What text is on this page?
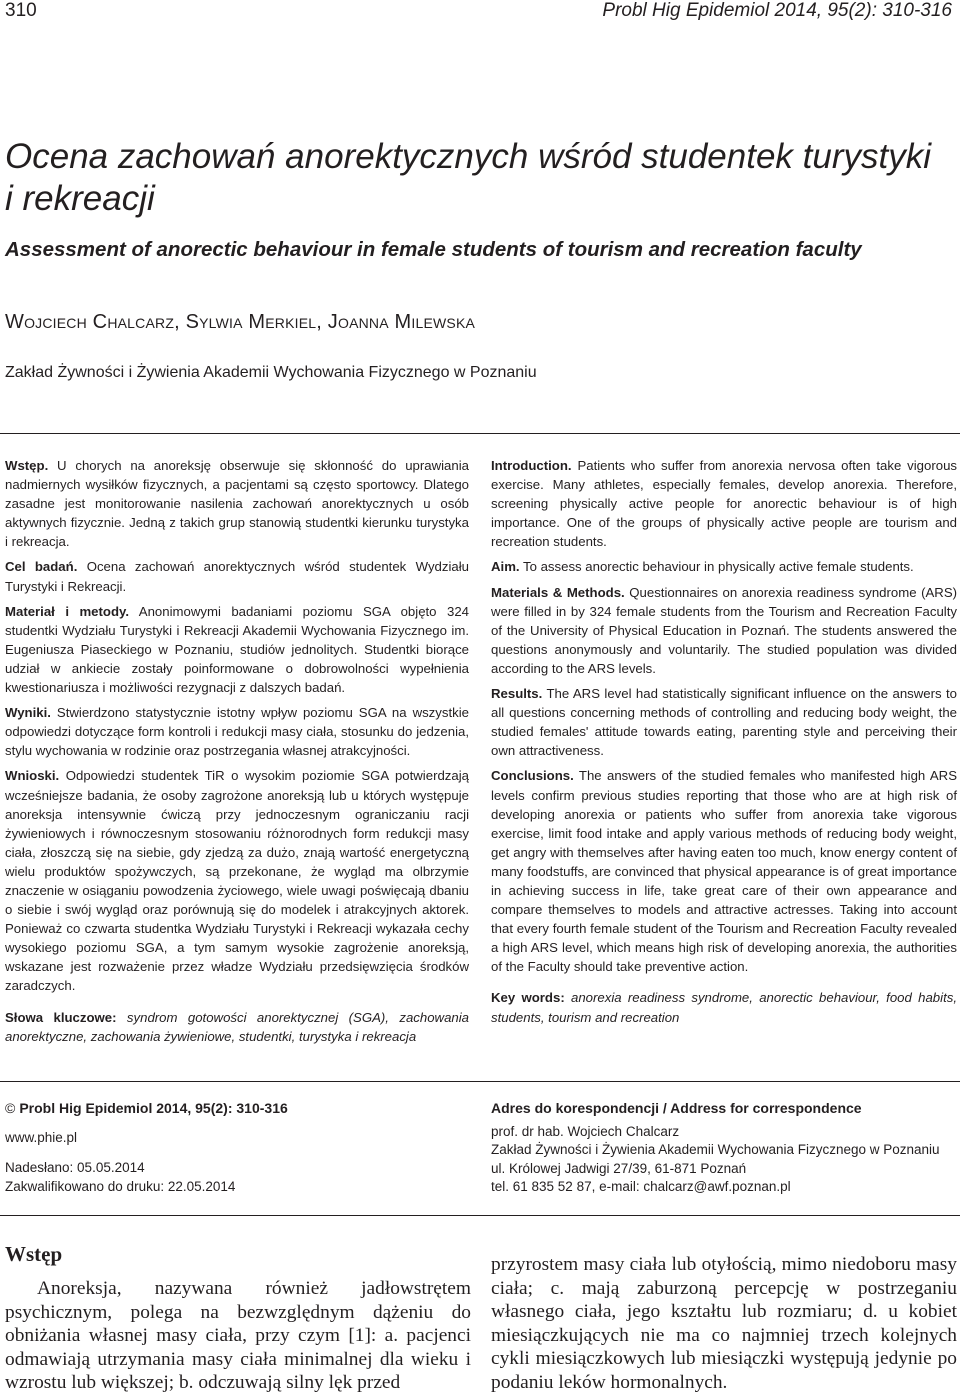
310	Probl Hig Epidemiol 2014, 95(2): 310-316
Ocena zachowań anorektycznych wśród studentek turystyki
i rekreacji
Assessment of anorectic behaviour in female students of tourism and recreation faculty
Wojciech Chalcarz, Sylwia Merkiel, Joanna Milewska
Zakład Żywności i Żywienia Akademii Wychowania Fizycznego w Poznaniu

Wstęp. U chorych na anoreksję obserwuje się skłonność do uprawiania nadmiernych wysiłków fizycznych, a pacjentami są często sportowcy. Dlatego zasadne jest monitorowanie nasilenia zachowań anorektycznych u osób aktywnych fizycznie. Jedną z takich grup stanowią studentki kierunku turystyka i rekreacja.

Cel badań. Ocena zachowań anorektycznych wśród studentek Wydziału Turystyki i Rekreacji.

Materiał i metody. Anonimowymi badaniami poziomu SGA objęto 324 studentki Wydziału Turystyki i Rekreacji Akademii Wychowania Fizycznego im. Eugeniusza Piaseckiego w Poznaniu, studiów jednolitych. Studentki biorące udział w ankiecie zostały poinformowane o dobrowolności wypełnienia kwestionariusza i możliwości rezygnacji z dalszych badań.

Wyniki. Stwierdzono statystycznie istotny wpływ poziomu SGA na wszystkie odpowiedzi dotyczące form kontroli i redukcji masy ciała, stosunku do jedzenia, stylu wychowania w rodzinie oraz postrzegania własnej atrakcyjności.

Wnioski. Odpowiedzi studentek TiR o wysokim poziomie SGA potwierdzają wcześniejsze badania, że osoby zagrożone anoreksją lub u których występuje anoreksja intensywnie ćwiczą przy jednoczesnym ograniczaniu racji żywieniowych i równoczesnym stosowaniu różnorodnych form redukcji masy ciała, złoszczą się na siebie, gdy zjedzą za dużo, znają wartość energetyczną wielu produktów spożywczych, są przekonane, że wygląd ma olbrzymie znaczenie w osiąganiu powodzenia życiowego, wiele uwagi poświęcają dbaniu o siebie i swój wygląd oraz porównują się do modelek i atrakcyjnych aktorek. Ponieważ co czwarta studentka Wydziału Turystyki i Rekreacji wykazała cechy wysokiego poziomu SGA, a tym samym wysokie zagrożenie anoreksją, wskazane jest rozważenie przez władze Wydziału przedsięwzięcia środków zaradczych.

Słowa kluczowe: syndrom gotowości anorektycznej (SGA), zachowania anorektyczne, zachowania żywieniowe, studentki, turystyka i rekreacja

Introduction. Patients who suffer from anorexia nervosa often take vigorous exercise. Many athletes, especially females, develop anorexia. Therefore, screening physically active people for anorectic behaviour is of high importance. One of the groups of physically active people are tourism and recreation students.

Aim. To assess anorectic behaviour in physically active female students.

Materials & Methods. Questionnaires on anorexia readiness syndrome (ARS) were filled in by 324 female students from the Tourism and Recreation Faculty of the University of Physical Education in Poznań. The students answered the questions anonymously and voluntarily. The studied population was divided according to the ARS levels.

Results. The ARS level had statistically significant influence on the answers to all questions concerning methods of controlling and reducing body weight, the studied females' attitude towards eating, parenting style and perceiving their own attractiveness.

Conclusions. The answers of the studied females who manifested high ARS levels confirm previous studies reporting that those who are at high risk of developing anorexia or patients who suffer from anorexia take vigorous exercise, limit food intake and apply various methods of reducing body weight, get angry with themselves after having eaten too much, know energy content of many foodstuffs, are convinced that physical appearance is of great importance in achieving success in life, take great care of their own appearance and compare themselves to models and attractive actresses. Taking into account that every fourth female student of the Tourism and Recreation Faculty revealed a high ARS level, which means high risk of developing anorexia, the authorities of the Faculty should take preventive action.

Key words: anorexia readiness syndrome, anorectic behaviour, food habits, students, tourism and recreation

© Probl Hig Epidemiol 2014, 95(2): 310-316
www.phie.pl
Nadesłano: 05.05.2014
Zakwalifikowano do druku: 22.05.2014
Adres do korespondencji / Address for correspondence
prof. dr hab. Wojciech Chalcarz
Zakład Żywności i Żywienia Akademii Wychowania Fizycznego w Poznaniu
ul. Królowej Jadwigi 27/39, 61-871 Poznań
tel. 61 835 52 87, e-mail: chalcarz@awf.poznan.pl
Wstęp
Anoreksja, nazywana również jadłowstrętem psychicznym, polega na bezwzględnym dążeniu do obniżania własnej masy ciała, przy czym [1]: a. pacjenci odmawiają utrzymania masy ciała minimalnej dla wieku i wzrostu lub większej; b. odczuwają silny lęk przed
przyrostem masy ciała lub otyłością, mimo niedoboru masy ciała; c. mają zaburzoną percepcję w postrzeganiu własnego ciała, jego kształtu lub rozmiaru; d. u kobiet miesiączkujących nie ma co najmniej trzech kolejnych cykli miesiączkowych lub miesiączki występują jedynie po podaniu leków hormonalnych.
